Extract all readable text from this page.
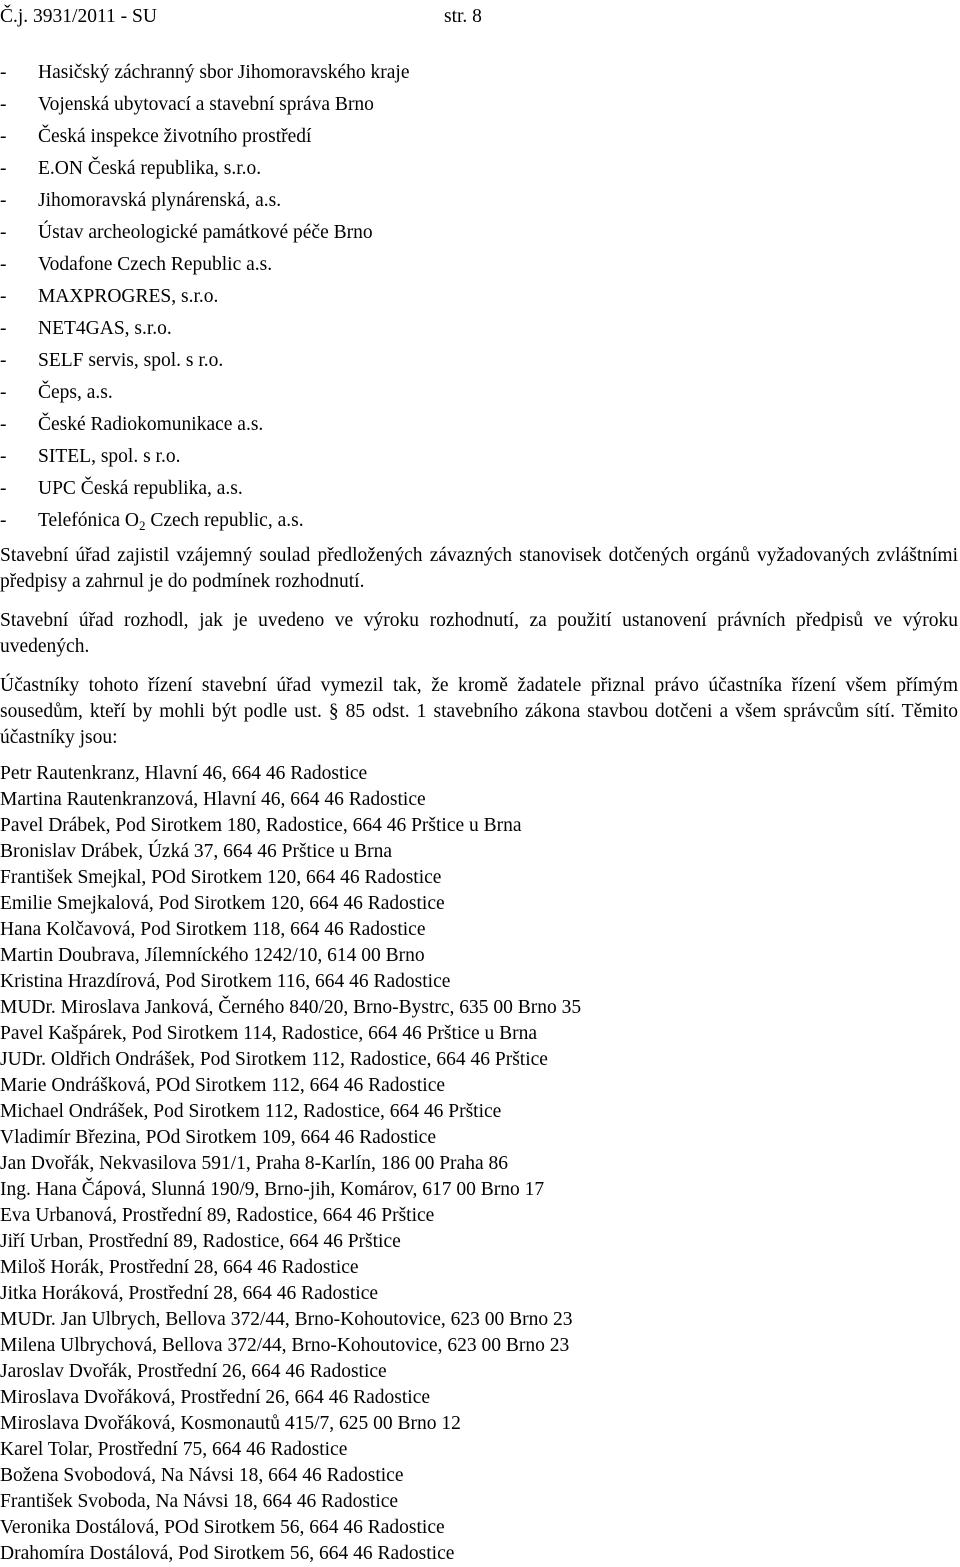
Č.j. 3931/2011 - SU	str. 8
- Hasičský záchranný sbor Jihomoravského kraje
- Vojenská ubytovací a stavební správa Brno
- Česká inspekce životního prostředí
- E.ON Česká republika, s.r.o.
- Jihomoravská plynárenská, a.s.
- Ústav archeologické památkové péče Brno
- Vodafone Czech Republic a.s.
- MAXPROGRES, s.r.o.
- NET4GAS, s.r.o.
- SELF servis, spol. s r.o.
- Čeps, a.s.
- České Radiokomunikace a.s.
- SITEL, spol. s r.o.
- UPC Česká republika, a.s.
- Telefónica $O_2$ Czech republic, a.s.

Stavební úřad zajistil vzájemný soulad předložených závazných stanovisek dotčených orgánů vyžadovaných zvláštními předpisy a zahrnul je do podmínek rozhodnutí.

Stavební úřad rozhodl, jak je uvedeno ve výroku rozhodnutí, za použití ustanovení právních předpisů ve výroku uvedených.

Účastníky tohoto řízení stavební úřad vymezil tak, že kromě žadatele přiznal právo účastníka řízení všem přímým sousedům, kteří by mohli být podle ust. § 85 odst. 1 stavebního zákona stavbou dotčeni a všem správcům sítí. Těmito účastníky jsou:

Petr Rautenkranz, Hlavní 46, 664 46 Radostice
Martina Rautenkranzová, Hlavní 46, 664 46 Radostice
Pavel Drábek, Pod Sirotkem 180, Radostice, 664 46 Prštice u Brna
Bronislav Drábek, Úzká 37, 664 46 Prštice u Brna
František Smejkal, POd Sirotkem 120, 664 46 Radostice
Emilie Smejkalová, Pod Sirotkem 120, 664 46 Radostice
Hana Kolčavová, Pod Sirotkem 118, 664 46 Radostice
Martin Doubrava, Jílemníckého 1242/10, 614 00 Brno
Kristina Hrazdírová, Pod Sirotkem 116, 664 46 Radostice
MUDr. Miroslava Janková, Černého 840/20, Brno-Bystrc, 635 00 Brno 35
Pavel Kašpárek, Pod Sirotkem 114, Radostice, 664 46 Prštice u Brna
JUDr. Oldřich Ondrášek, Pod Sirotkem 112, Radostice, 664 46 Prštice
Marie Ondrášková, POd Sirotkem 112, 664 46 Radostice
Michael Ondrášek, Pod Sirotkem 112, Radostice, 664 46 Prštice
Vladimír Březina, POd Sirotkem 109, 664 46 Radostice
Jan Dvořák, Nekvasilova 591/1, Praha 8-Karlín, 186 00 Praha 86
Ing. Hana Čápová, Slunná 190/9, Brno-jih, Komárov, 617 00 Brno 17
Eva Urbanová, Prostřední 89, Radostice, 664 46 Prštice
Jiří Urban, Prostřední 89, Radostice, 664 46 Prštice
Miloš Horák, Prostřední 28, 664 46 Radostice
Jitka Horáková, Prostřední 28, 664 46 Radostice
MUDr. Jan Ulbrych, Bellova 372/44, Brno-Kohoutovice, 623 00 Brno 23
Milena Ulbrychová, Bellova 372/44, Brno-Kohoutovice, 623 00 Brno 23
Jaroslav Dvořák, Prostřední 26, 664 46 Radostice
Miroslava Dvořáková, Prostřední 26, 664 46 Radostice
Miroslava Dvořáková, Kosmonautů 415/7, 625 00 Brno 12
Karel Tolar, Prostřední 75, 664 46 Radostice
Božena Svobodová, Na Návsi 18, 664 46 Radostice
František Svoboda, Na Návsi 18, 664 46 Radostice
Veronika Dostálová, POd Sirotkem 56, 664 46 Radostice
Drahomíra Dostálová, Pod Sirotkem 56, 664 46 Radostice
